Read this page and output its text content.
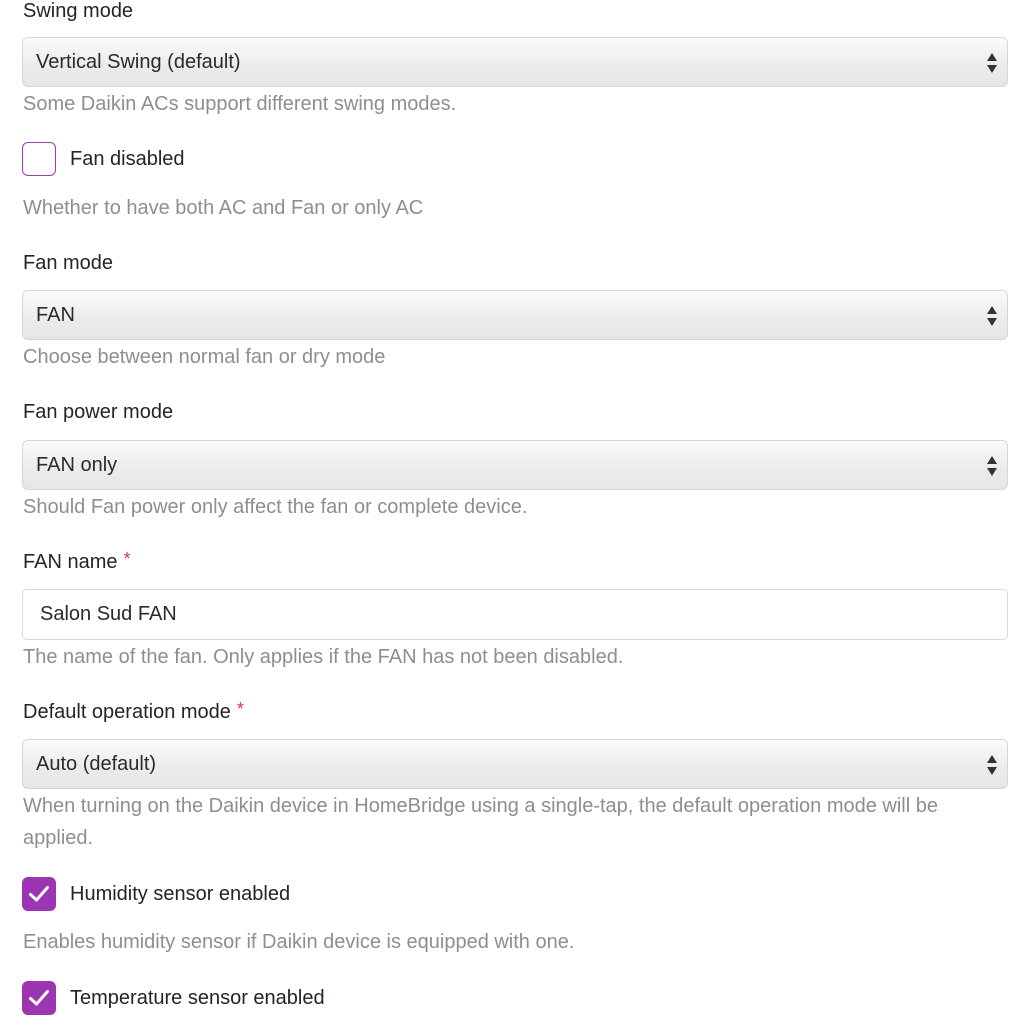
Swing mode
Vertical Swing (default)
Some Daikin ACs support different swing modes.
Fan disabled
Whether to have both AC and Fan or only AC
Fan mode
FAN
Choose between normal fan or dry mode
Fan power mode
FAN only
Should Fan power only affect the fan or complete device.
FAN name *
Salon Sud FAN
The name of the fan. Only applies if the FAN has not been disabled.
Default operation mode *
Auto (default)
When turning on the Daikin device in HomeBridge using a single-tap, the default operation mode will be applied.
Humidity sensor enabled
Enables humidity sensor if Daikin device is equipped with one.
Temperature sensor enabled
